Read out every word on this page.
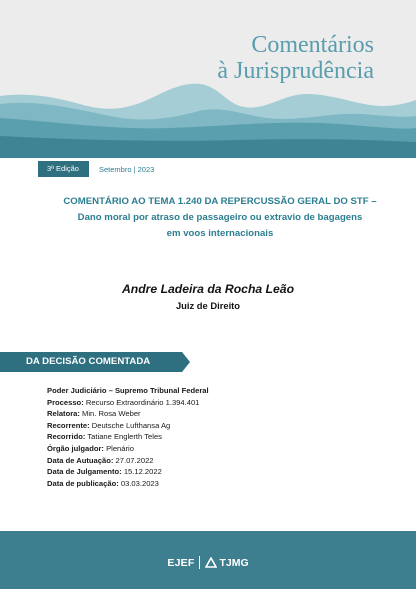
Comentários
à Jurisprudência
3ª Edição	Setembro | 2023
COMENTÁRIO AO TEMA 1.240 DA REPERCUSSÃO GERAL DO STF –
Dano moral por atraso de passageiro ou extravio de bagagens
em voos internacionais
Andre Ladeira da Rocha Leão
Juiz de Direito
DA DECISÃO COMENTADA
Poder Judiciário – Supremo Tribunal Federal
Processo: Recurso Extraordinário 1.394.401
Relatora: Min. Rosa Weber
Recorrente: Deutsche Lufthansa Ag
Recorrido: Tatiane Englerth Teles
Órgão julgador: Plenário
Data de Autuação: 27.07.2022
Data de Julgamento: 15.12.2022
Data de publicação: 03.03.2023
EJEF TJMG
